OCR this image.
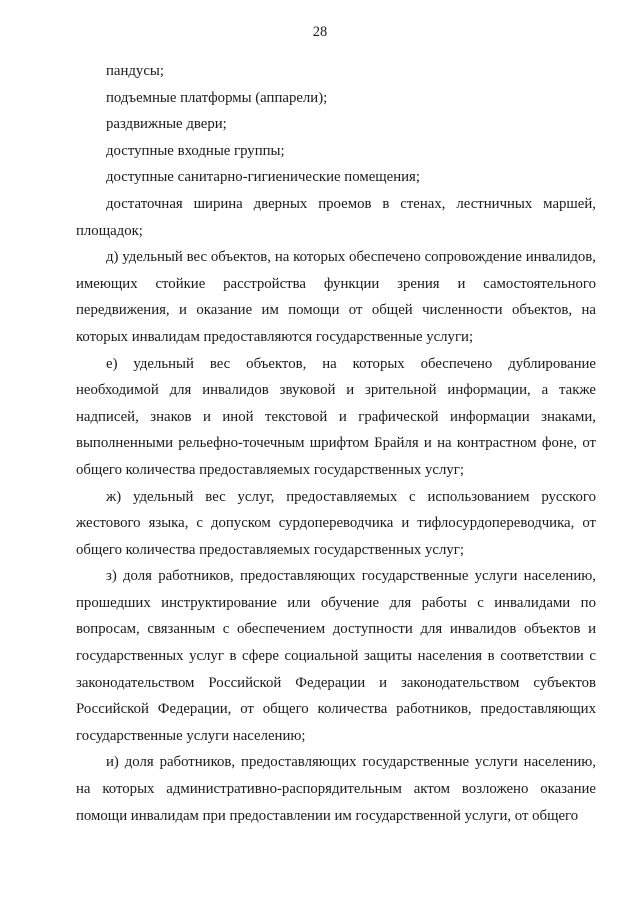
28

пандусы;

подъемные платформы (аппарели);

раздвижные двери;

доступные входные группы;

доступные санитарно-гигиенические помещения;

достаточная ширина дверных проемов в стенах, лестничных маршей, площадок;

д) удельный вес объектов, на которых обеспечено сопровождение инвалидов, имеющих стойкие расстройства функции зрения и самостоятельного передвижения, и оказание им помощи от общей численности объектов, на которых инвалидам предоставляются государственные услуги;

е) удельный вес объектов, на которых обеспечено дублирование необходимой для инвалидов звуковой и зрительной информации, а также надписей, знаков и иной текстовой и графической информации знаками, выполненными рельефно-точечным шрифтом Брайля и на контрастном фоне, от общего количества предоставляемых государственных услуг;

ж) удельный вес услуг, предоставляемых с использованием русского жестового языка, с допуском сурдопереводчика и тифлосурдопереводчика, от общего количества предоставляемых государственных услуг;

з) доля работников, предоставляющих государственные услуги населению, прошедших инструктирование или обучение для работы с инвалидами по вопросам, связанным с обеспечением доступности для инвалидов объектов и государственных услуг в сфере социальной защиты населения в соответствии с законодательством Российской Федерации и законодательством субъектов Российской Федерации, от общего количества работников, предоставляющих государственные услуги населению;

и) доля работников, предоставляющих государственные услуги населению, на которых административно-распорядительным актом возложено оказание помощи инвалидам при предоставлении им государственной услуги, от общего
